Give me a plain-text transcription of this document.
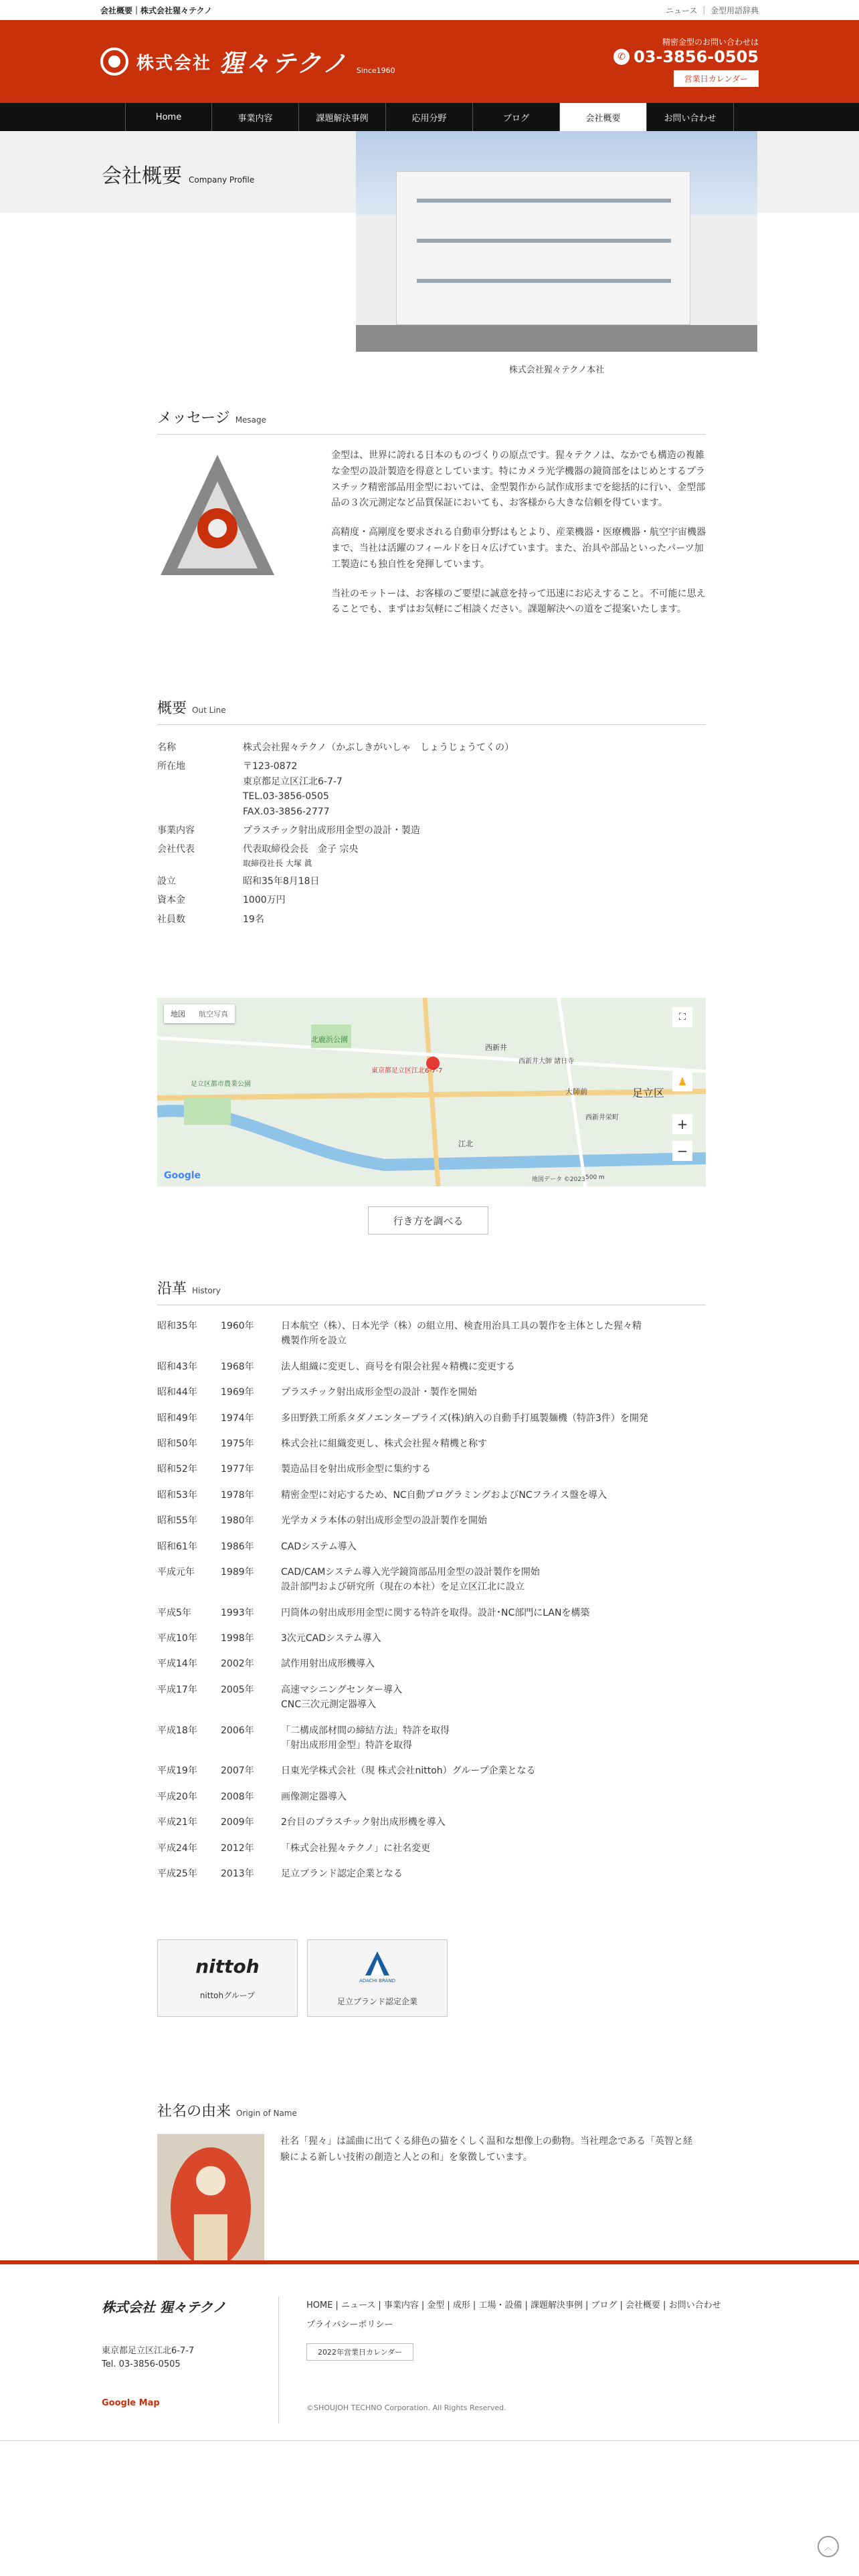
会社概要｜株式会社猩々テクノ	ニュース ｜ 金型用語辞典
株式会社 猩々テクノ Since1960
精密金型のお問い合わせは
✆ 03-3856-0505
営業日カレンダー
Home	事業内容	課題解決事例	応用分野	ブログ	会社概要	お問い合わせ
会社概要 Company Profile
株式会社猩々テクノ本社
メッセージ Mesage

金型は、世界に誇れる日本のものづくりの原点です。猩々テクノは、なかでも構造の複雑な金型の設計製造を得意としています。特にカメラ光学機器の鏡筒部をはじめとするプラスチック精密部品用金型においては、金型製作から試作成形までを総括的に行い、金型部品の３次元測定など品質保証においても、お客様から大きな信頼を得ています。

高精度・高剛度を要求される自動車分野はもとより、産業機器・医療機器・航空宇宙機器まで、当社は活躍のフィールドを日々広げています。また、治具や部品といったパーツ加工製造にも独自性を発揮しています。

当社のモットーは、お客様のご要望に誠意を持って迅速にお応えすること。不可能に思えることでも、まずはお気軽にご相談ください。課題解決への道をご提案いたします。

概要 Out Line
名称	株式会社猩々テクノ（かぶしきがいしゃ　しょうじょうてくの）
所在地	〒123-0872
東京都足立区江北6-7-7
TEL.03-3856-0505
FAX.03-3856-2777

事業内容	プラスチック射出成形用金型の設計・製造
会社代表	代表取締役会長　金子 宗央
取締役社長 大塚 眞

設立	昭和35年8月18日
資本金	1000万円
社員数	19名
地図	航空写真
北鹿浜公園
西新井
西新井大師 諸日寺
足立区
大師前
江北
西新井栄町
足立区都市農業公園
東京都足立区江北6-7-7
⛶
♟
+
−
Google	地図データ ©2023 500 m
行き方を調べる
沿革 History
昭和35年	1960年	日本航空（株）、日本光学（株）の組立用、検査用治具工具の製作を主体とした猩々精
機製作所を設立

昭和43年	1968年	法人組織に変更し、商号を有限会社猩々精機に変更する

昭和44年	1969年	プラスチック射出成形金型の設計・製作を開始

昭和49年	1974年	多田野鉄工所系タダノエンタープライズ(株)納入の自動手打風製麺機（特許3件）を開発

昭和50年	1975年	株式会社に組織変更し、株式会社猩々精機と称す

昭和52年	1977年	製造品目を射出成形金型に集約する

昭和53年	1978年	精密金型に対応するため、NC自動プログラミングおよびNCフライス盤を導入

昭和55年	1980年	光学カメラ本体の射出成形金型の設計製作を開始

昭和61年	1986年	CADシステム導入

平成元年	1989年	CAD/CAMシステム導入光学鏡筒部品用金型の設計製作を開始
設計部門および研究所（現在の本社）を足立区江北に設立

平成5年	1993年	円筒体の射出成形用金型に関する特許を取得。設計･NC部門にLANを構築

平成10年	1998年	3次元CADシステム導入

平成14年	2002年	試作用射出成形機導入

平成17年	2005年	高速マシニングセンター導入
CNC三次元測定器導入

平成18年	2006年	「二構成部材間の締結方法」特許を取得
「射出成形用金型」特許を取得

平成19年	2007年	日東光学株式会社（現 株式会社nittoh）グループ企業となる

平成20年	2008年	画像測定器導入

平成21年	2009年	2台目のプラスチック射出成形機を導入

平成24年	2012年	「株式会社猩々テクノ」に社名変更

平成25年	2013年	足立ブランド認定企業となる
nittoh
nittohグループ
ADACHI BRAND
足立ブランド認定企業
社名の由来 Origin of Name

社名「猩々」は謡曲に出てくる緋色の猫をくしく温和な想像上の動物。当社理念である「英智と経験による新しい技術の創造と人との和」を象徴しています。

株式会社 猩々テクノ
東京都足立区江北6-7-7
Tel. 03-3856-0505
Google Map
HOME | ニュース | 事業内容 | 金型 | 成形 | 工場・設備 | 課題解決事例 | ブログ | 会社概要 | お問い合わせ
プライバシーポリシー
2022年営業日カレンダー
©SHOUJOH TECHNO Corporation. All Rights Reserved.
︿
